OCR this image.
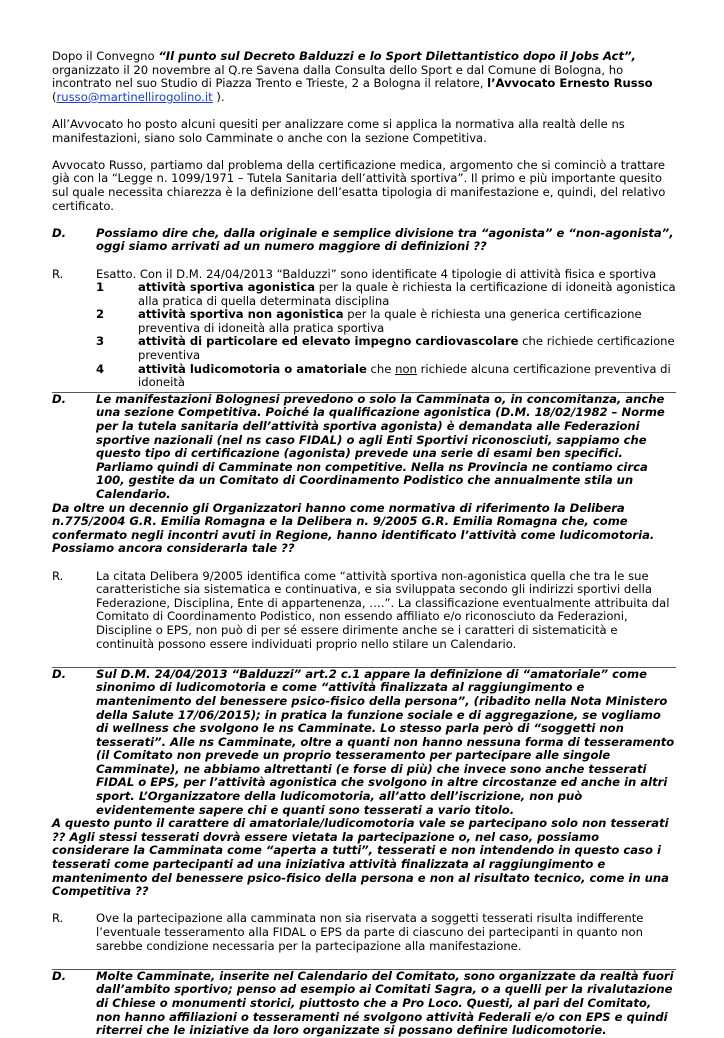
Dopo il Convegno “Il punto sul Decreto Balduzzi e lo Sport Dilettantistico dopo il Jobs Act”, organizzato il 20 novembre al Q.re Savena dalla Consulta dello Sport e dal Comune di Bologna, ho incontrato nel suo Studio di Piazza Trento e Trieste, 2 a Bologna il relatore, l’Avvocato Ernesto Russo (russo@martinellirogolino.it ).

All’Avvocato ho posto alcuni quesiti per analizzare come si applica la normativa alla realtà delle ns manifestazioni, siano solo Camminate o anche con la sezione Competitiva.

Avvocato Russo, partiamo dal problema della certificazione medica, argomento che si cominciò a trattare già con la “Legge n. 1099/1971 – Tutela Sanitaria dell’attività sportiva”. Il primo e più importante quesito sul quale necessita chiarezza è la definizione dell’esatta tipologia di manifestazione e, quindi, del relativo certificato.

D.	Possiamo dire che, dalla originale e semplice divisione tra “agonista” e “non-agonista”, oggi siamo arrivati ad un numero maggiore di definizioni ??
R.	Esatto. Con il D.M. 24/04/2013 “Balduzzi” sono identificate 4 tipologie di attività fisica e sportiva
1	attività sportiva agonistica per la quale è richiesta la certificazione di idoneità agonistica alla pratica di quella determinata disciplina
2	attività sportiva non agonistica per la quale è richiesta una generica certificazione preventiva di idoneità alla pratica sportiva
3	attività di particolare ed elevato impegno cardiovascolare che richiede certificazione preventiva
4	attività ludicomotoria o amatoriale che non richiede alcuna certificazione preventiva di idoneità
D.	Le manifestazioni Bolognesi prevedono o solo la Camminata o, in concomitanza, anche una sezione Competitiva. Poiché la qualificazione agonistica (D.M. 18/02/1982 – Norme per la tutela sanitaria dell’attività sportiva agonista) è demandata alle Federazioni sportive nazionali (nel ns caso FIDAL) o agli Enti Sportivi riconosciuti, sappiamo che questo tipo di certificazione (agonista) prevede una serie di esami ben specifici. Parliamo quindi di Camminate non competitive. Nella ns Provincia ne contiamo circa 100, gestite da un Comitato di Coordinamento Podistico che annualmente stila un Calendario.

Da oltre un decennio gli Organizzatori hanno come normativa di riferimento la Delibera n.775/2004 G.R. Emilia Romagna e la Delibera n. 9/2005 G.R. Emilia Romagna che, come confermato negli incontri avuti in Regione, hanno identificato l’attività come ludicomotoria. Possiamo ancora considerarla tale ??

R.	La citata Delibera 9/2005 identifica come “attività sportiva non-agonistica quella che tra le sue caratteristiche sia sistematica e continuativa, e sia sviluppata secondo gli indirizzi sportivi della Federazione, Disciplina, Ente di appartenenza, ….”. La classificazione eventualmente attribuita dal Comitato di Coordinamento Podistico, non essendo affiliato e/o riconosciuto da Federazioni, Discipline o EPS, non può di per sé essere dirimente anche se i caratteri di sistematicità e continuità possono essere individuati proprio nello stilare un Calendario.
D.	Sul D.M. 24/04/2013 “Balduzzi” art.2 c.1 appare la definizione di “amatoriale” come sinonimo di ludicomotoria e come “attività finalizzata al raggiungimento e mantenimento del benessere psico-fisico della persona”, (ribadito nella Nota Ministero della Salute 17/06/2015); in pratica la funzione sociale e di aggregazione, se vogliamo di wellness che svolgono le ns Camminate. Lo stesso parla però di “soggetti non tesserati”. Alle ns Camminate, oltre a quanti non hanno nessuna forma di tesseramento (il Comitato non prevede un proprio tesseramento per partecipare alle singole Camminate), ne abbiamo altrettanti (e forse di più) che invece sono anche tesserati FIDAL o EPS, per l’attività agonistica che svolgono in altre circostanze ed anche in altri sport. L’Organizzatore della ludicomotoria, all’atto dell’iscrizione, non può evidentemente sapere chi e quanti sono tesserati a vario titolo.

A questo punto il carattere di amatoriale/ludicomotoria vale se partecipano solo non tesserati ?? Agli stessi tesserati dovrà essere vietata la partecipazione o, nel caso, possiamo considerare la Camminata come “aperta a tutti”, tesserati e non intendendo in questo caso i tesserati come partecipanti ad una iniziativa attività finalizzata al raggiungimento e mantenimento del benessere psico-fisico della persona e non al risultato tecnico, come in una Competitiva ??

R.	Ove la partecipazione alla camminata non sia riservata a soggetti tesserati risulta indifferente l’eventuale tesseramento alla FIDAL o EPS da parte di ciascuno dei partecipanti in quanto non sarebbe condizione necessaria per la partecipazione alla manifestazione.
D.	Molte Camminate, inserite nel Calendario del Comitato, sono organizzate da realtà fuori dall’ambito sportivo; penso ad esempio ai Comitati Sagra, o a quelli per la rivalutazione di Chiese o monumenti storici, piuttosto che a Pro Loco. Questi, al pari del Comitato, non hanno affiliazioni o tesseramenti né svolgono attività Federali e/o con EPS e quindi riterrei che le iniziative da loro organizzate si possano definire ludicomotorie.
